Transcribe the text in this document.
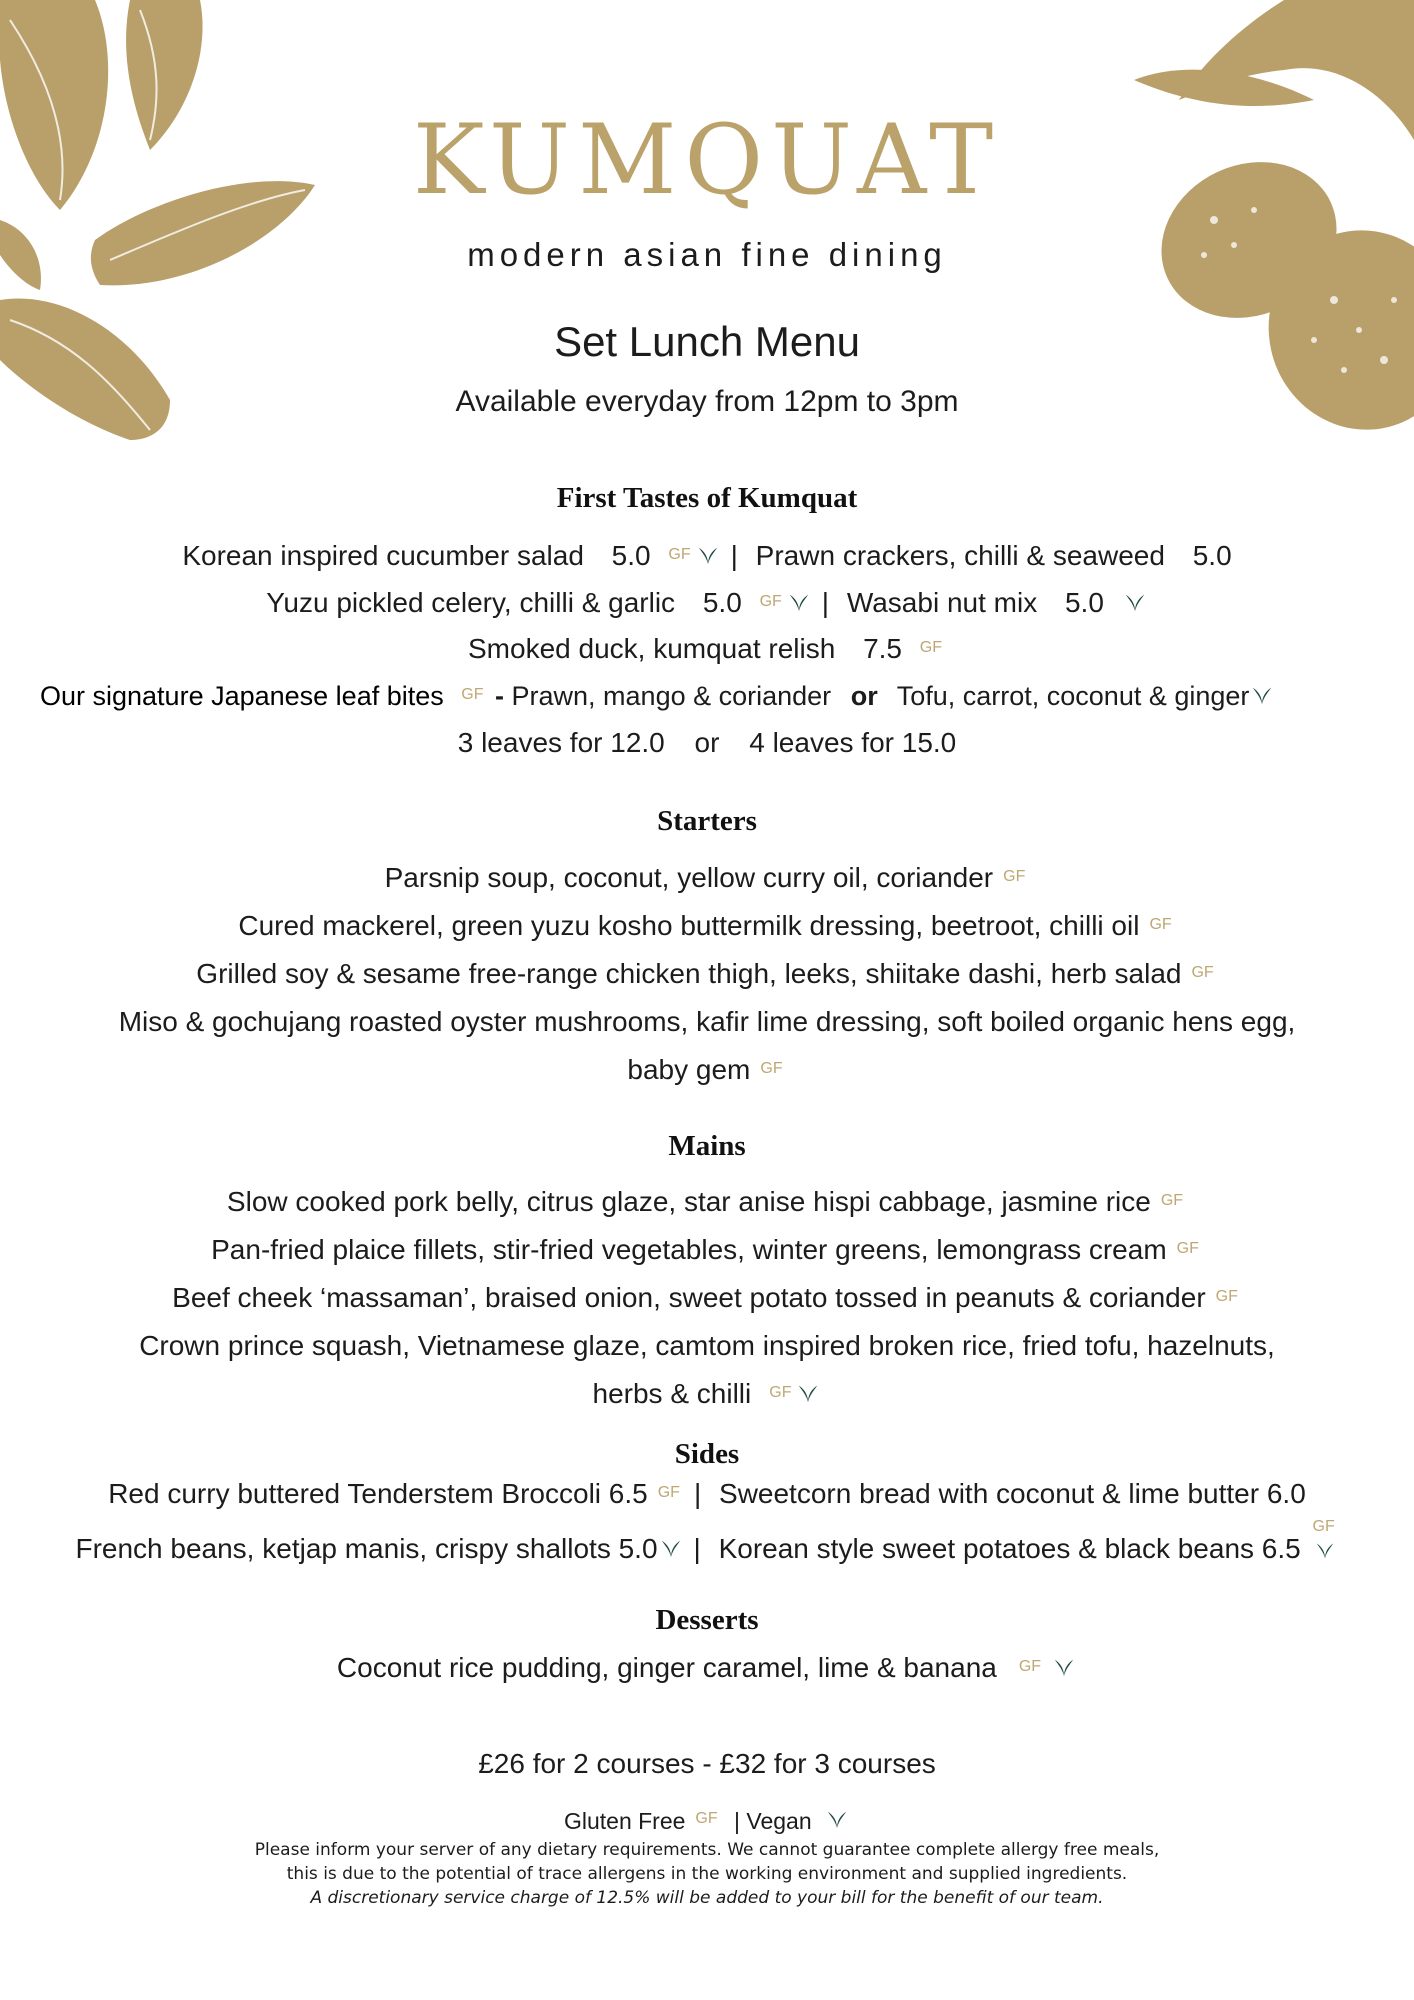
KUMQUAT
modern asian fine dining
Set Lunch Menu
Available everyday from 12pm to 3pm
First Tastes of Kumquat
Korean inspired cucumber salad 5.0 $^{GF}$ | Prawn crackers, chilli & seaweed 5.0
Yuzu pickled celery, chilli & garlic 5.0 $^{GF}$ | Wasabi nut mix 5.0
Smoked duck, kumquat relish 7.5 $^{GF}$
Our signature Japanese leaf bites $^{GF}$ - Prawn, mango & coriander or Tofu, carrot, coconut & ginger
3 leaves for 12.0 or 4 leaves for 15.0
Starters
Parsnip soup, coconut, yellow curry oil, coriander $^{GF}$
Cured mackerel, green yuzu kosho buttermilk dressing, beetroot, chilli oil $^{GF}$
Grilled soy & sesame free-range chicken thigh, leeks, shiitake dashi, herb salad $^{GF}$
Miso & gochujang roasted oyster mushrooms, kafir lime dressing, soft boiled organic hens egg,
baby gem $^{GF}$
Mains
Slow cooked pork belly, citrus glaze, star anise hispi cabbage, jasmine rice $^{GF}$
Pan-fried plaice fillets, stir-fried vegetables, winter greens, lemongrass cream $^{GF}$
Beef cheek ‘massaman’, braised onion, sweet potato tossed in peanuts & coriander $^{GF}$
Crown prince squash, Vietnamese glaze, camtom inspired broken rice, fried tofu, hazelnuts,
herbs & chilli $^{GF}$
Sides
Red curry buttered Tenderstem Broccoli 6.5 $^{GF}$ | Sweetcorn bread with coconut & lime butter 6.0
French beans, ketjap manis, crispy shallots 5.0 | Korean style sweet potatoes & black beans 6.5
GF
Desserts
Coconut rice pudding, ginger caramel, lime & banana $^{GF}$
£26 for 2 courses - £32 for 3 courses
Gluten Free $^{GF}$ | Vegan
Please inform your server of any dietary requirements. We cannot guarantee complete allergy free meals,
this is due to the potential of trace allergens in the working environment and supplied ingredients.
A discretionary service charge of 12.5% will be added to your bill for the benefit of our team.
